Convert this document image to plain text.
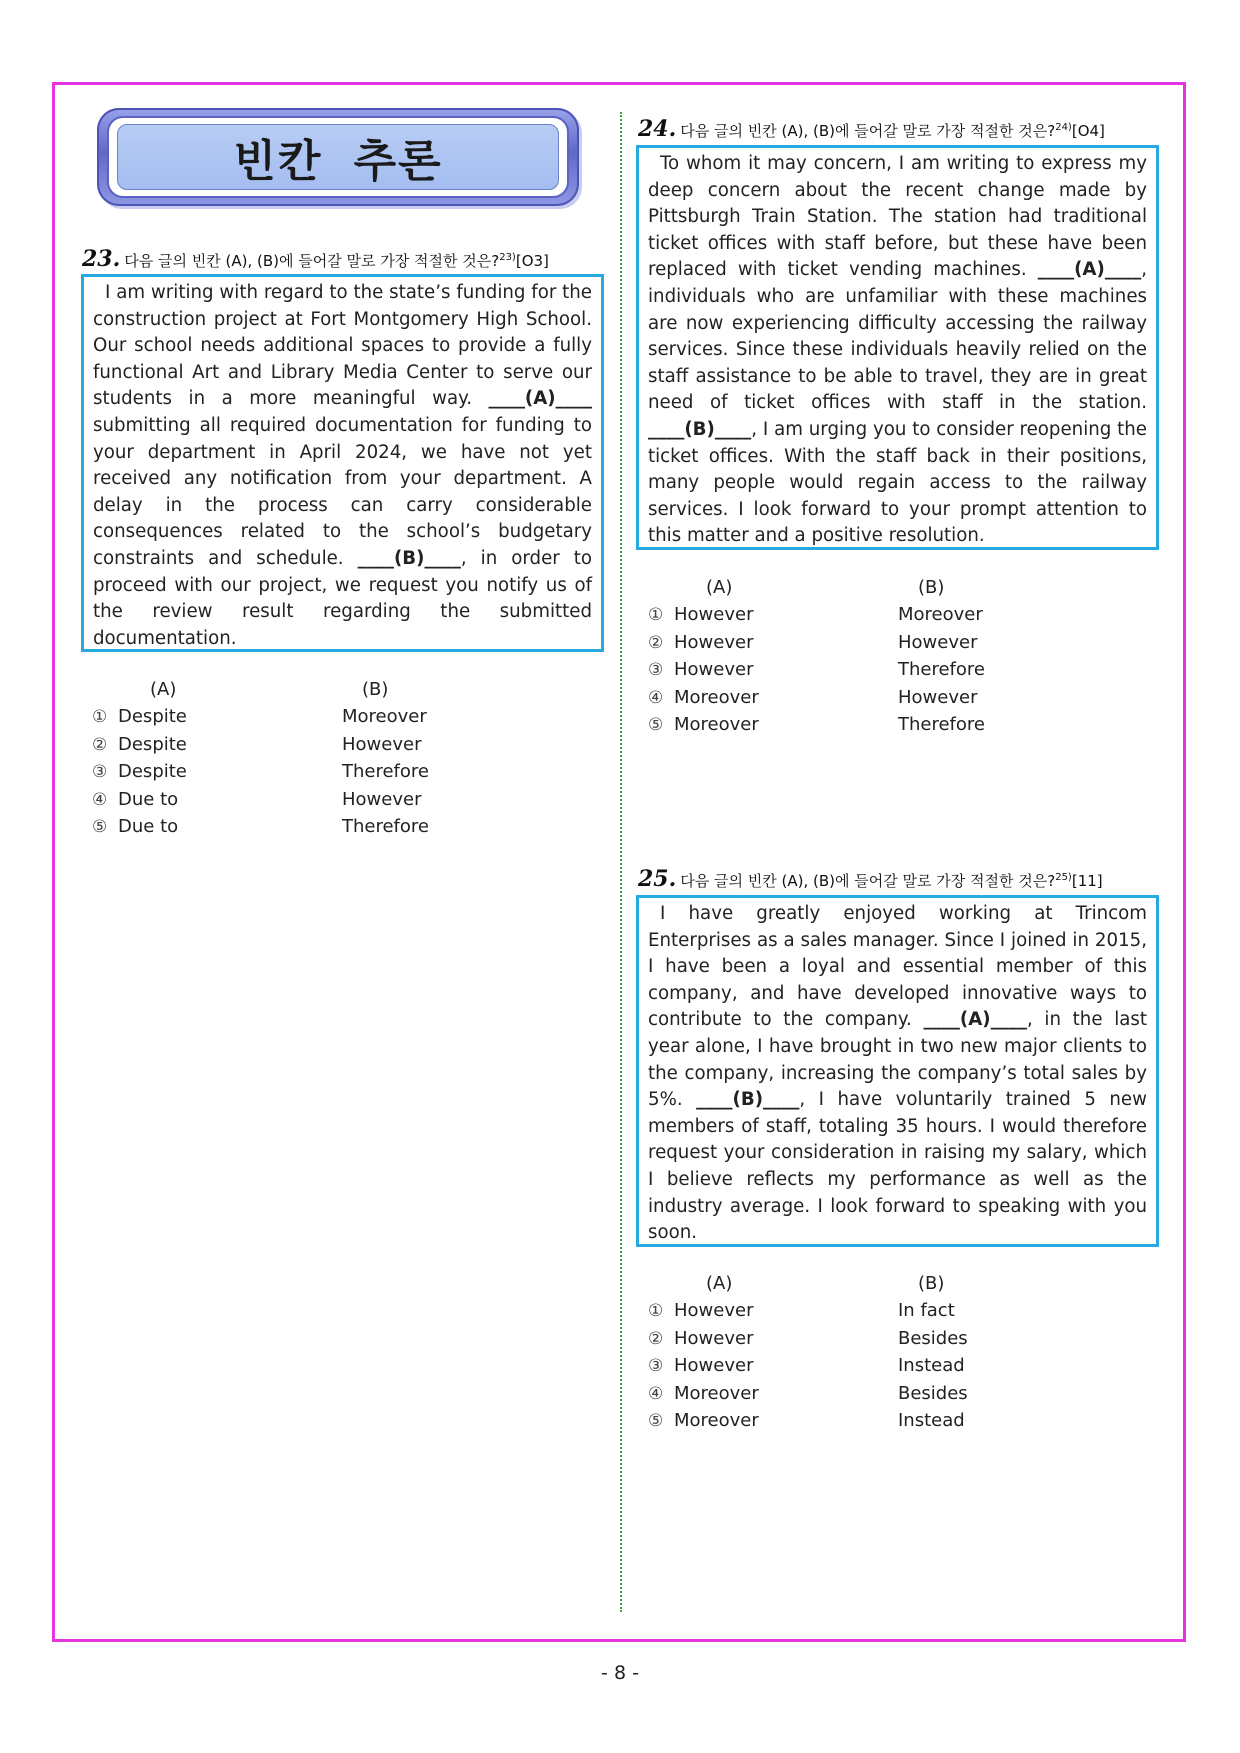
빈칸 추론
23. 다음 글의 빈칸 (A), (B)에 들어갈 말로 가장 적절한 것은?$^{23)}$[O3]

I am writing with regard to the state’s funding for the construction project at Fort Montgomery High School. Our school needs additional spaces to provide a fully functional Art and Library Media Center to serve our students in a more meaningful way. ____(A)____ submitting all required documentation for funding to your department in April 2024, we have not yet received any notification from your department. A delay in the process can carry considerable consequences related to the school’s budgetary constraints and schedule. ____(B)____, in order to proceed with our project, we request you notify us of the review result regarding the submitted documentation.

(A)	(B)
① Despite	Moreover
② Despite	However
③ Despite	Therefore
④ Due to	However
⑤ Due to	Therefore
24. 다음 글의 빈칸 (A), (B)에 들어갈 말로 가장 적절한 것은?$^{24)}$[O4]

To whom it may concern, I am writing to express my deep concern about the recent change made by Pittsburgh Train Station. The station had traditional ticket offices with staff before, but these have been replaced with ticket vending machines. ____(A)____, individuals who are unfamiliar with these machines are now experiencing difficulty accessing the railway services. Since these individuals heavily relied on the staff assistance to be able to travel, they are in great need of ticket offices with staff in the station. ____(B)____, I am urging you to consider reopening the ticket offices. With the staff back in their positions, many people would regain access to the railway services. I look forward to your prompt attention to this matter and a positive resolution.

(A)	(B)
① However	Moreover
② However	However
③ However	Therefore
④ Moreover	However
⑤ Moreover	Therefore
25. 다음 글의 빈칸 (A), (B)에 들어갈 말로 가장 적절한 것은?$^{25)}$[11]

I have greatly enjoyed working at Trincom Enterprises as a sales manager. Since I joined in 2015, I have been a loyal and essential member of this company, and have developed innovative ways to contribute to the company. ____(A)____, in the last year alone, I have brought in two new major clients to the company, increasing the company’s total sales by 5%. ____(B)____, I have voluntarily trained 5 new members of staff, totaling 35 hours. I would therefore request your consideration in raising my salary, which I believe reflects my performance as well as the industry average. I look forward to speaking with you soon.

(A)	(B)
① However	In fact
② However	Besides
③ However	Instead
④ Moreover	Besides
⑤ Moreover	Instead
- 8 -
